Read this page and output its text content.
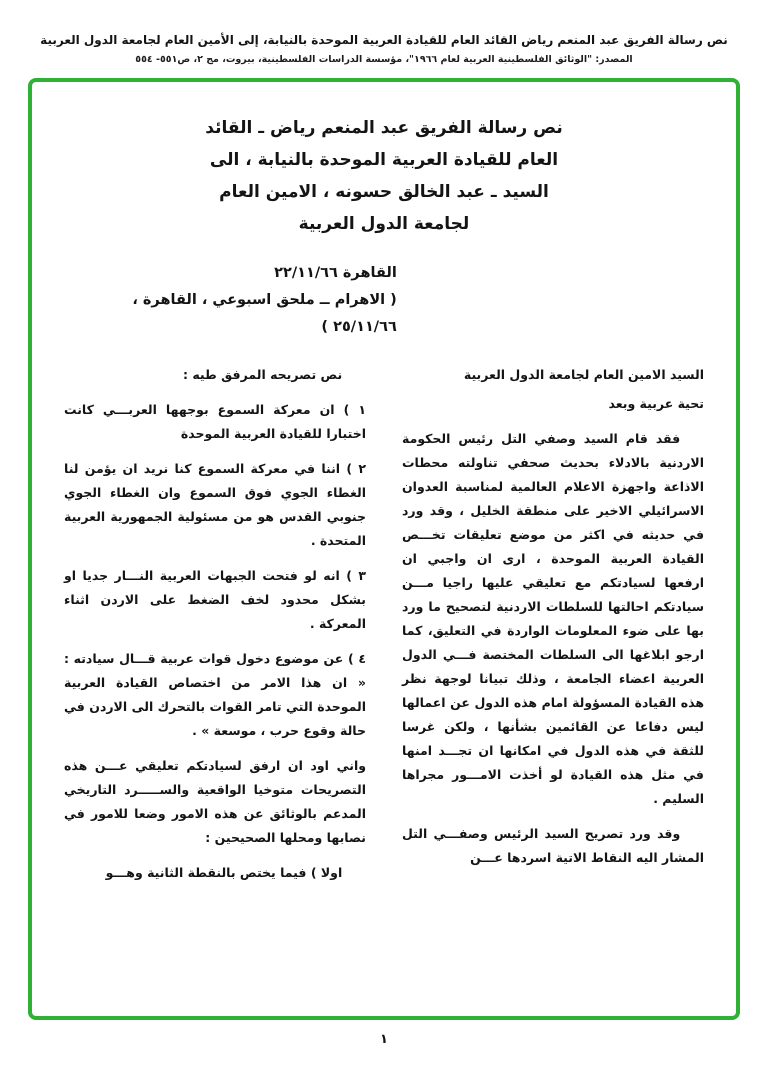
نص رسالة الفريق عبد المنعم رياض القائد العام للقيادة العربية الموحدة بالنيابة، إلى الأمين العام لجامعة الدول العربية
المصدر: "الوثائق الفلسطينية العربية لعام ١٩٦٦"، مؤسسة الدراسات الفلسطينية، بيروت، مج ٢، ص٥٥١- ٥٥٤
نص رسالة الفريق عبد المنعم رياض ـ القائد
العام للقيادة العربية الموحدة بالنيابة ، الى
السيد ـ عبد الخالق حسونه ، الامين العام
لجامعة الدول العربية
القاهرة ٢٢/١١/٦٦
( الاهرام ــ ملحق اسبوعي ، القاهرة ،
٢٥/١١/٦٦ )

السيد الامين العام لجامعة الدول العربية

تحية عربية وبعد

فقد قام السيد وصفي التل رئيس الحكومة الاردنية بالادلاء بحديث صحفي تناولته محطات الاذاعة واجهزة الاعلام العالمية لمناسبة العدوان الاسرائيلي الاخير على منطقة الخليل ، وقد ورد في حديثه في اكثر من موضع تعليقات تخـــص القيادة العربية الموحدة ، ارى ان واجبي ان ارفعها لسيادتكم مع تعليقي عليها راجيا مـــن سيادتكم احالتها للسلطات الاردنية لتصحيح ما ورد بها على ضوء المعلومات الواردة في التعليق، كما ارجو ابلاغها الى السلطات المختصة فـــي الدول العربية اعضاء الجامعة ، وذلك تبيانا لوجهة نظر هذه القيادة المسؤولة امام هذه الدول عن اعمالها ليس دفاعا عن القائمين بشأنها ، ولكن غرسا للثقة في هذه الدول في امكانها ان تجـــد امنها في مثل هذه القيادة لو أخذت الامـــور مجراها السليم .

وقد ورد تصريح السيد الرئيس وصفـــي التل المشار اليه النقاط الاتية اسردها عـــن

نص تصريحه المرفق طيه :

١ ) ان معركة السموع بوجهها العربـــي كانت اختبارا للقيادة العربية الموحدة

٢ ) اننا في معركة السموع كنا نريد ان يؤمن لنا الغطاء الجوي فوق السموع وان الغطاء الجوي جنوبي القدس هو من مسئولية الجمهورية العربية المتحدة .

٣ ) انه لو فتحت الجبهات العربية النـــار جديا او بشكل محدود لخف الضغط على الاردن اثناء المعركة .

٤ ) عن موضوع دخول قوات عربية قـــال سيادته : « ان هذا الامر من اختصاص القيادة العربية الموحدة التي تامر القوات بالتحرك الى الاردن في حالة وقوع حرب ، موسعة » .

واني اود ان ارفق لسيادتكم تعليقي عـــن هذه التصريحات متوخيا الواقعية والســـــرد التاريخي المدعم بالوثائق عن هذه الامور وضعا للامور في نصابها ومحلها الصحيحين :

اولا ) فيما يختص بالنقطة الثانية وهـــو

١
